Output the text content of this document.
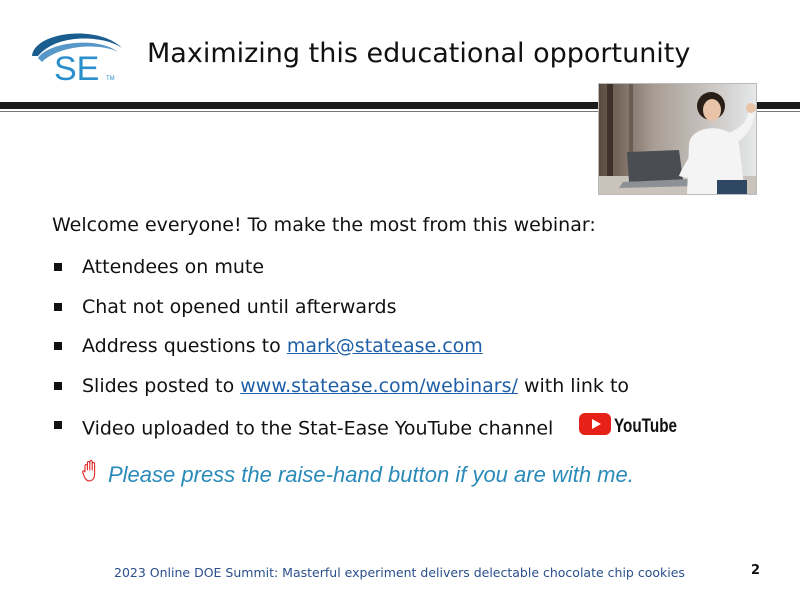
SE TM
Maximizing this educational opportunity
Welcome everyone! To make the most from this webinar:
Attendees on mute
Chat not opened until afterwards
Address questions to mark@statease.com
Slides posted to www.statease.com/webinars/ with link to
Video uploaded to the Stat-Ease YouTube channel	YouTube
Please press the raise-hand button if you are with me.
2023 Online DOE Summit: Masterful experiment delivers delectable chocolate chip cookies	2
